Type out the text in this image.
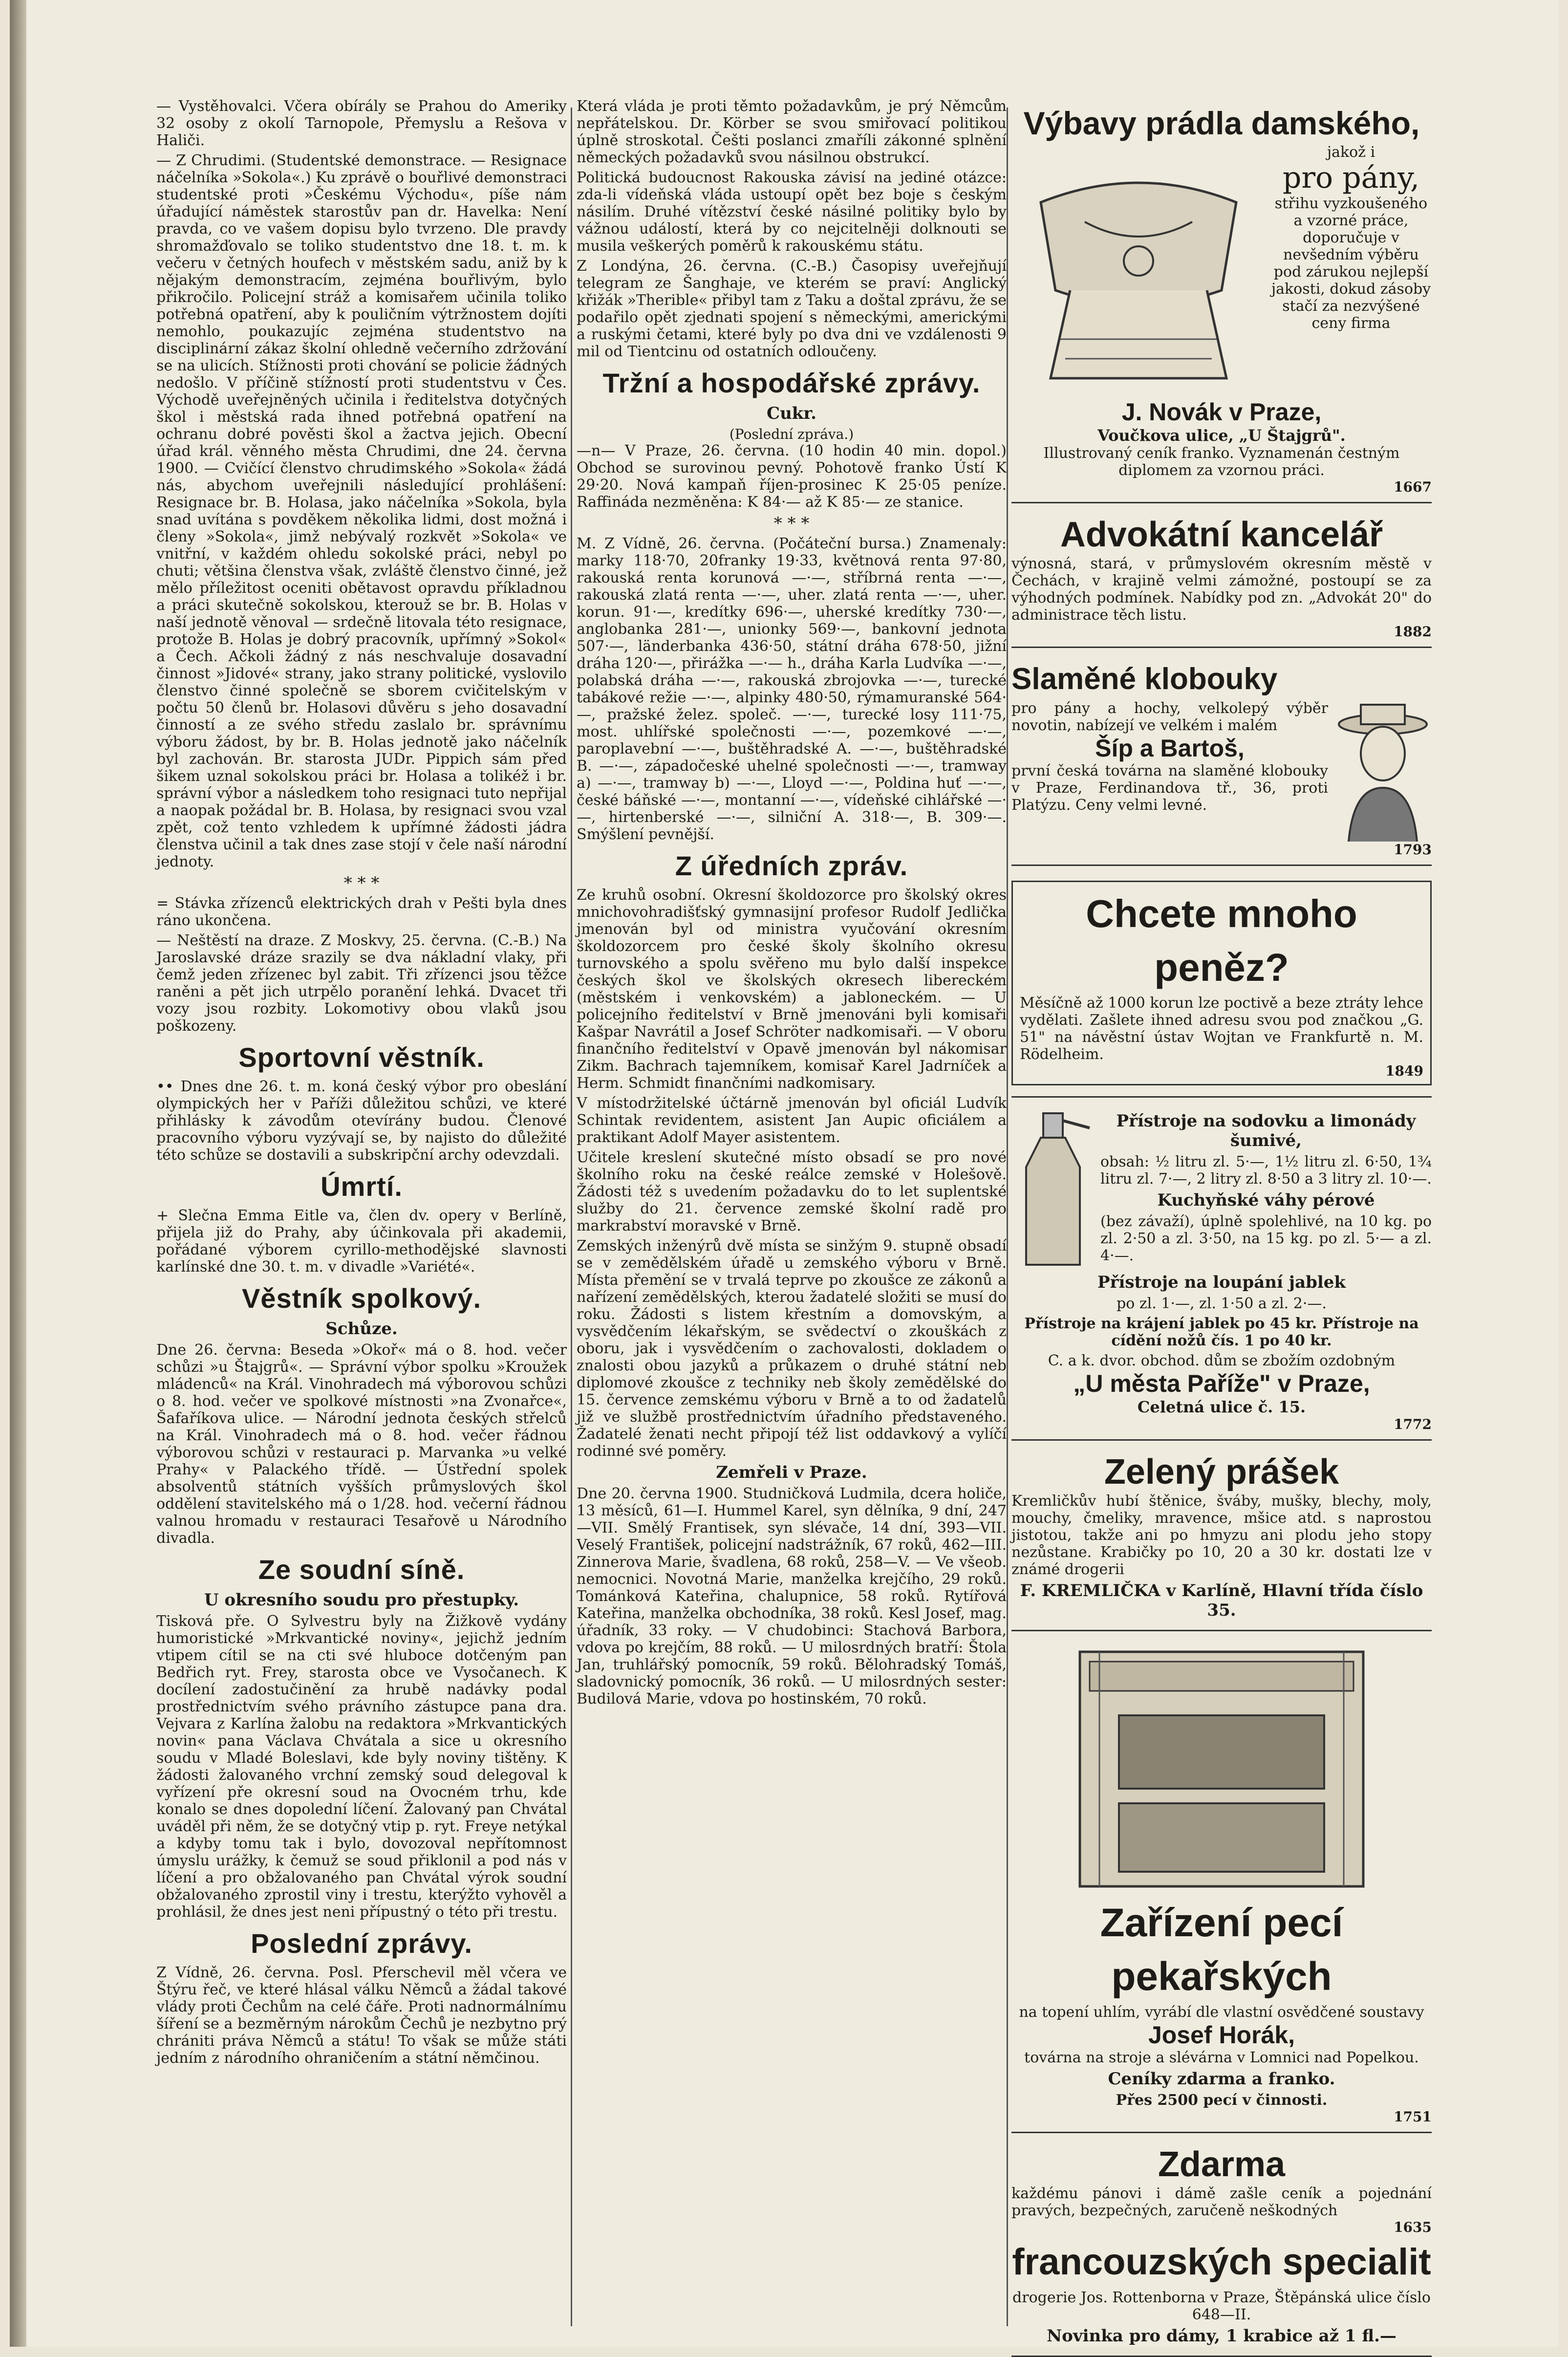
— Vystěhovalci. Včera obírály se Prahou do Ameriky 32 osoby z okolí Tarnopole, Přemyslu a Rešova v Haliči.

— Z Chrudimi. (Studentské demonstrace. — Resignace náčelníka »Sokola«.) Ku zprávě o bouřlivé demonstraci studentské proti »Českému Východu«, píše nám úřadující náměstek starostův pan dr. Havelka: Není pravda, co ve vašem dopisu bylo tvrzeno. Dle pravdy shromažďovalo se toliko studentstvo dne 18. t. m. k večeru v četných houfech v městském sadu, aniž by k nějakým demonstracím, zejména bouřlivým, bylo přikročilo. Policejní stráž a komisařem učinila toliko potřebná opatření, aby k pouličním výtržnostem dojíti nemohlo, poukazujíc zejména studentstvo na disciplinární zákaz školní ohledně večerního zdržování se na ulicích. Stížnosti proti chování se policie žádných nedošlo. V příčině stížností proti studentstvu v Čes. Východě uveřejněných učinila i ředitelstva dotyčných škol i městská rada ihned potřebná opatření na ochranu dobré pověsti škol a žactva jejich. Obecní úřad král. věnného města Chrudimi, dne 24. června 1900. — Cvičící členstvo chrudimského »Sokola« žádá nás, abychom uveřejnili následující prohlášení: Resignace br. B. Holasa, jako náčelníka »Sokola, byla snad uvítána s povděkem několika lidmi, dost možná i členy »Sokola«, jimž nebývalý rozkvět »Sokola« ve vnitřní, v každém ohledu sokolské práci, nebyl po chuti; většina členstva však, zvláště členstvo činné, jež mělo příležitost oceniti obětavost opravdu příkladnou a práci skutečně sokolskou, kterouž se br. B. Holas v naší jednotě věnoval — srdečně litovala této resignace, protože B. Holas je dobrý pracovník, upřímný »Sokol« a Čech. Ačkoli žádný z nás neschvaluje dosavadní činnost »Jidové« strany, jako strany politické, vyslovilo členstvo činné společně se sborem cvičitelským v počtu 50 členů br. Holasovi důvěru s jeho dosavadní činností a ze svého středu zaslalo br. správnímu výboru žádost, by br. B. Holas jednotě jako náčelník byl zachován. Br. starosta JUDr. Pippich sám před šikem uznal sokolskou práci br. Holasa a tolikéž i br. správní výbor a následkem toho resignaci tuto nepřijal a naopak požádal br. B. Holasa, by resignaci svou vzal zpět, což tento vzhledem k upřímné žádosti jádra členstva učinil a tak dnes zase stojí v čele naší národní jednoty.

* * *

= Stávka zřízenců elektrických drah v Pešti byla dnes ráno ukončena.

— Neštěstí na draze. Z Moskvy, 25. června. (C.-B.) Na Jaroslavské dráze srazily se dva nákladní vlaky, při čemž jeden zřízenec byl zabit. Tři zřízenci jsou těžce raněni a pět jich utrpělo poranění lehká. Dvacet tři vozy jsou rozbity. Lokomotivy obou vlaků jsou poškozeny.

Sportovní věstník.

•• Dnes dne 26. t. m. koná český výbor pro obeslání olympických her v Paříži důležitou schůzi, ve které přihlásky k závodům otevírány budou. Členové pracovního výboru vyzývají se, by najisto do důležité této schůze se dostavili a subskripční archy odevzdali.

Úmrtí.

+ Slečna Emma Eitle va, člen dv. opery v Berlíně, přijela již do Prahy, aby účinkovala při akademii, pořádané výborem cyrillo-methodějské slavnosti karlínské dne 30. t. m. v divadle »Variété«.

Věstník spolkový.
Schůze.

Dne 26. června: Beseda »Okoř« má o 8. hod. večer schůzi »u Štajgrů«. — Správní výbor spolku »Kroužek mládenců« na Král. Vinohradech má výborovou schůzi o 8. hod. večer ve spolkové místnosti »na Zvonařce«, Šafaříkova ulice. — Národní jednota českých střelců na Král. Vinohradech má o 8. hod. večer řádnou výborovou schůzi v restauraci p. Marvanka »u velké Prahy« v Palackého třídě. — Ústřední spolek absolventů státních vyšších průmyslových škol oddělení stavitelského má o 1/28. hod. večerní řádnou valnou hromadu v restauraci Tesařově u Národního divadla.

Ze soudní síně.
U okresního soudu pro přestupky.

Tisková pře. O Sylvestru byly na Žižkově vydány humoristické »Mrkvantické noviny«, jejichž jedním vtipem cítil se na cti své hluboce dotčeným pan Bedřich ryt. Frey, starosta obce ve Vysočanech. K docílení zadostučinění za hrubě nadávky podal prostřednictvím svého právního zástupce pana dra. Vejvara z Karlína žalobu na redaktora »Mrkvantických novin« pana Václava Chvátala a sice u okresního soudu v Mladé Boleslavi, kde byly noviny tištěny. K žádosti žalovaného vrchní zemský soud delegoval k vyřízení pře okresní soud na Ovocném trhu, kde konalo se dnes dopolední líčení. Žalovaný pan Chvátal uváděl při něm, že se dotyčný vtip p. ryt. Freye netýkal a kdyby tomu tak i bylo, dovozoval nepřítomnost úmyslu urážky, k čemuž se soud přiklonil a pod nás v líčení a pro obžalovaného pan Chvátal výrok soudní obžalovaného zprostil viny i trestu, kterýžto vyhověl a prohlásil, že dnes jest neni přípustný o této při trestu.

Poslední zprávy.

Z Vídně, 26. června. Posl. Pferschevil měl včera ve Štýru řeč, ve které hlásal válku Němců a žádal takové vlády proti Čechům na celé čáře. Proti nadnormálnímu šíření se a bezměrným nárokům Čechů je nezbytno prý chrániti práva Němců a státu! To však se může státi jedním z národního ohraničením a státní němčinou.

Která vláda je proti těmto požadavkům, je prý Němcům nepřátelskou. Dr. Körber se svou smiřovací politikou úplně stroskotal. Češti poslanci zmaříli zákonné splnění německých požadavků svou násilnou obstrukcí.

Politická budoucnost Rakouska závisí na jediné otázce: zda-li vídeňská vláda ustoupí opět bez boje s českým násilím. Druhé vítězství české násilné politiky bylo by vážnou událostí, která by co nejcitelněji dolknouti se musila veškerých poměrů k rakouskému státu.

Z Londýna, 26. června. (C.-B.) Časopisy uveřejňují telegram ze Šanghaje, ve kterém se praví: Anglický křižák »Therible« přibyl tam z Taku a doštal zprávu, že se podařilo opět zjednati spojení s německými, americkými a ruskými četami, které byly po dva dni ve vzdálenosti 9 mil od Tientcinu od ostatních odloučeny.

Tržní a hospodářské zprávy.
Cukr.
(Poslední zpráva.)

—n— V Praze, 26. června. (10 hodin 40 min. dopol.) Obchod se surovinou pevný. Pohotově franko Ústí K 29·20. Nová kampaň říjen-prosinec K 25·05 peníze. Raffináda nezměněna: K 84·— až K 85·— ze stanice.

* * *

M. Z Vídně, 26. června. (Počáteční bursa.) Znamenaly: marky 118·70, 20franky 19·33, květnová renta 97·80, rakouská renta korunová —·—, stříbrná renta —·—, rakouská zlatá renta —·—, uher. zlatá renta —·—, uher. korun. 91·—, kredítky 696·—, uherské kredítky 730·—, anglobanka 281·—, unionky 569·—, bankovní jednota 507·—, länderbanka 436·50, státní dráha 678·50, jižní dráha 120·—, přirážka —·— h., dráha Karla Ludvíka —·—, polabská dráha —·—, rakouská zbrojovka —·—, turecké tabákové režie —·—, alpinky 480·50, rýmamuranské 564·—, pražské želez. společ. —·—, turecké losy 111·75, most. uhlířské společnosti —·—, pozemkové —·—, paroplavební —·—, buštěhradské A. —·—, buštěhradské B. —·—, západočeské uhelné společnosti —·—, tramway a) —·—, tramway b) —·—, Lloyd —·—, Poldina huť —·—, české báňské —·—, montanní —·—, vídeňské cihlářské —·—, hirtenberské —·—, silniční A. 318·—, B. 309·—. Smýšlení pevnější.

Z úředních zpráv.

Ze kruhů osobní. Okresní školdozorce pro školský okres mnichovohradišťský gymnasijní profesor Rudolf Jedlička jmenován byl od ministra vyučování okresním školdozorcem pro české školy školního okresu turnovského a spolu svěřeno mu bylo další inspekce českých škol ve školských okresech libereckém (městském i venkovském) a jabloneckém. — U policejního ředitelství v Brně jmenováni byli komisaři Kašpar Navrátil a Josef Schröter nadkomisaři. — V oboru finančního ředitelství v Opavě jmenován byl nákomisar Zikm. Bachrach tajemníkem, komisař Karel Jadrníček a Herm. Schmidt finančními nadkomisary.

V místodržitelské účtárně jmenován byl oficiál Ludvík Schintak revidentem, asistent Jan Aupic oficiálem a praktikant Adolf Mayer asistentem.

Učitele kreslení skutečné místo obsadí se pro nové školního roku na české reálce zemské v Holešově. Žádosti též s uvedením požadavku do to let suplentské služby do 21. července zemské školní radě pro markrabství moravské v Brně.

Zemských inženýrů dvě místa se sinžým 9. stupně obsadí se v zemědělském úřadě u zemského výboru v Brně. Místa přemění se v trvalá teprve po zkoušce ze zákonů a nařízení zemědělských, kterou žadatelé složiti se musí do roku. Žádosti s listem křestním a domovským, a vysvědčením lékařským, se svědectví o zkouškách z oboru, jak i vysvědčením o zachovalosti, dokladem o znalosti obou jazyků a průkazem o druhé státní neb diplomové zkoušce z techniky neb školy zemědělské do 15. července zemskému výboru v Brně a to od žadatelů již ve službě prostřednictvím úřadního představeného. Žadatelé ženati necht připojí též list oddavkový a vylíčí rodinné své poměry.

Zemřeli v Praze.

Dne 20. června 1900. Studničková Ludmila, dcera holiče, 13 měsíců, 61—I. Hummel Karel, syn dělníka, 9 dní, 247—VII. Smělý Frantisek, syn slévače, 14 dní, 393—VII. Veselý František, policejní nadstrážník, 67 roků, 462—III. Zinnerova Marie, švadlena, 68 roků, 258—V. — Ve všeob. nemocnici. Novotná Marie, manželka krejčího, 29 roků. Tománková Kateřina, chalupnice, 58 roků. Rytířová Kateřina, manželka obchodníka, 38 roků. Kesl Josef, mag. úřadník, 33 roky. — V chudobinci: Stachová Barbora, vdova po krejčím, 88 roků. — U milosrdných bratří: Štola Jan, truhlářský pomocník, 59 roků. Bělohradský Tomáš, sladovnický pomocník, 36 roků. — U milosrdných sester: Budilová Marie, vdova po hostinském, 70 roků.

Výbavy prádla damského,
jakož i
pro pány,
střihu vyzkoušeného a vzorné práce, doporučuje v nevšedním výběru pod zárukou nejlepší jakosti, dokud zásoby stačí za nezvýšené ceny firma
J. Novák v Praze,
Voučkova ulice, „U Štajgrů".
Illustrovaný ceník franko. Vyznamenán čestným diplomem za vzornou práci.
1667
Advokátní kancelář
výnosná, stará, v průmyslovém okresním městě v Čechách, v krajině velmi zámožné, postoupí se za výhodných podmínek. Nabídky pod zn. „Advokát 20" do administrace těch listu.
1882
Slaměné klobouky
pro pány a hochy, velkolepý výběr novotin, nabízejí ve velkém i malém
Šíp a Bartoš,
první česká továrna na slaměné klobouky v Praze, Ferdinandova tř., 36, proti Platýzu. Ceny velmi levné.
1793
Chcete mnoho peněz?
Měsíčně až 1000 korun lze poctivě a beze ztráty lehce vydělati. Zašlete ihned adresu svou pod značkou „G. 51" na návěstní ústav Wojtan ve Frankfurtě n. M. Rödelheim.
1849
Přístroje na sodovku a limonády šumivé,
obsah: ½ litru zl. 5·—, 1½ litru zl. 6·50, 1¾ litru zl. 7·—, 2 litry zl. 8·50 a 3 litry zl. 10·—.
Kuchyňské váhy pérové
(bez závaží), úplně spolehlivé, na 10 kg. po zl. 2·50 a zl. 3·50, na 15 kg. po zl. 5·— a zl. 4·—.
Přístroje na loupání jablek
po zl. 1·—, zl. 1·50 a zl. 2·—.
Přístroje na krájení jablek po 45 kr. Přístroje na cídění nožů čís. 1 po 40 kr.
C. a k. dvor. obchod. dům se zbožím ozdobným
„U města Paříže" v Praze,
Celetná ulice č. 15.
1772
Zelený prášek
Kremličkův hubí štěnice, šváby, mušky, blechy, moly, mouchy, čmeliky, mravence, mšice atd. s naprostou jistotou, takže ani po hmyzu ani plodu jeho stopy nezůstane. Krabičky po 10, 20 a 30 kr. dostati lze v známé drogerii
F. KREMLIČKA v Karlíně, Hlavní třída číslo 35.
Zařízení pecí pekařských
na topení uhlím, vyrábí dle vlastní osvědčené soustavy
Josef Horák,
továrna na stroje a slévárna v Lomnici nad Popelkou.
Ceníky zdarma a franko.
Přes 2500 pecí v činnosti.
1751
Zdarma
každému pánovi i dámě zašle ceník a pojednání pravých, bezpečných, zaručeně neškodných
1635
francouzských specialit
drogerie Jos. Rottenborna v Praze, Štěpánská ulice číslo 648—II.
Novinka pro dámy, 1 krabice až 1 fl.—
